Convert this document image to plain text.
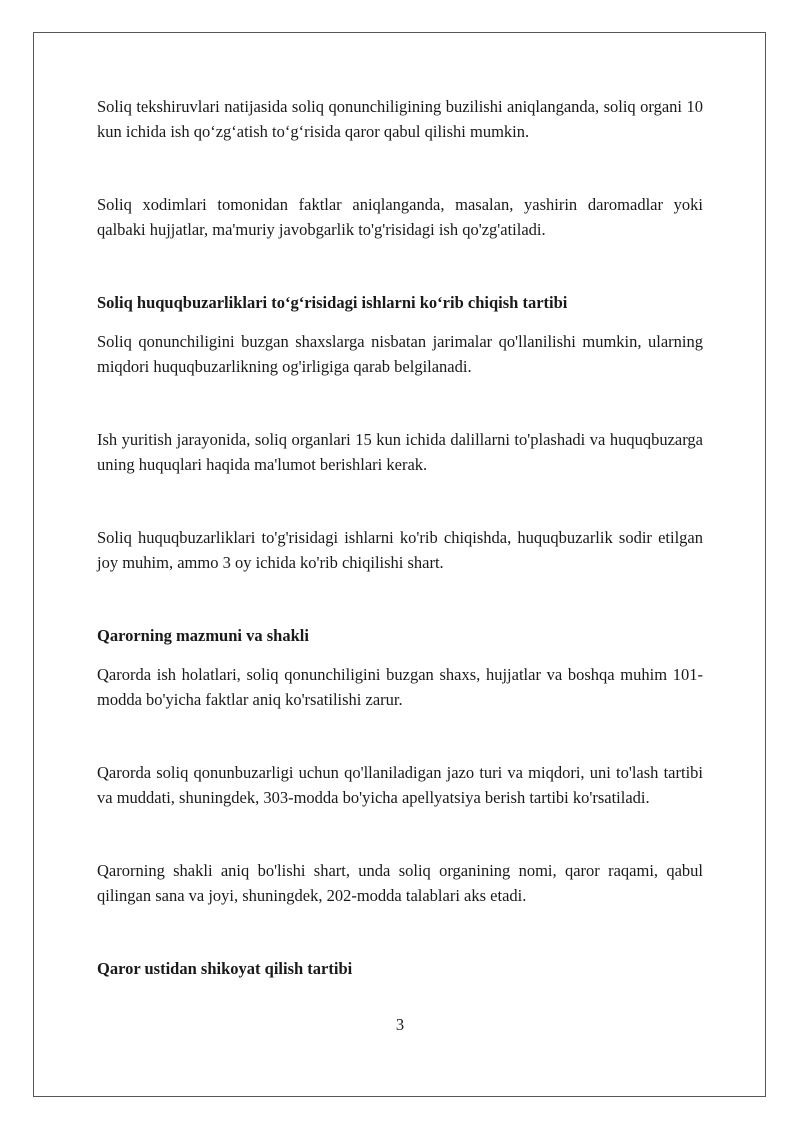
Soliq tekshiruvlari natijasida soliq qonunchiligining buzilishi aniqlanganda, soliq organi 10 kun ichida ish qo‘zg‘atish to‘g‘risida qaror qabul qilishi mumkin.

Soliq xodimlari tomonidan faktlar aniqlanganda, masalan, yashirin daromadlar yoki qalbaki hujjatlar, ma'muriy javobgarlik to'g'risidagi ish qo'zg'atiladi.

Soliq huquqbuzarliklari to‘g‘risidagi ishlarni ko‘rib chiqish tartibi

Soliq qonunchiligini buzgan shaxslarga nisbatan jarimalar qo'llanilishi mumkin, ularning miqdori huquqbuzarlikning og'irligiga qarab belgilanadi.

Ish yuritish jarayonida, soliq organlari 15 kun ichida dalillarni to'plashadi va huquqbuzarga uning huquqlari haqida ma'lumot berishlari kerak.

Soliq huquqbuzarliklari to'g'risidagi ishlarni ko'rib chiqishda, huquqbuzarlik sodir etilgan joy muhim, ammo 3 oy ichida ko'rib chiqilishi shart.

Qarorning mazmuni va shakli

Qarorda ish holatlari, soliq qonunchiligini buzgan shaxs, hujjatlar va boshqa muhim 101-modda bo'yicha faktlar aniq ko'rsatilishi zarur.

Qarorda soliq qonunbuzarligi uchun qo'llaniladigan jazo turi va miqdori, uni to'lash tartibi va muddati, shuningdek, 303-modda bo'yicha apellyatsiya berish tartibi ko'rsatiladi.

Qarorning shakli aniq bo'lishi shart, unda soliq organining nomi, qaror raqami, qabul qilingan sana va joyi, shuningdek, 202-modda talablari aks etadi.

Qaror ustidan shikoyat qilish tartibi
3
